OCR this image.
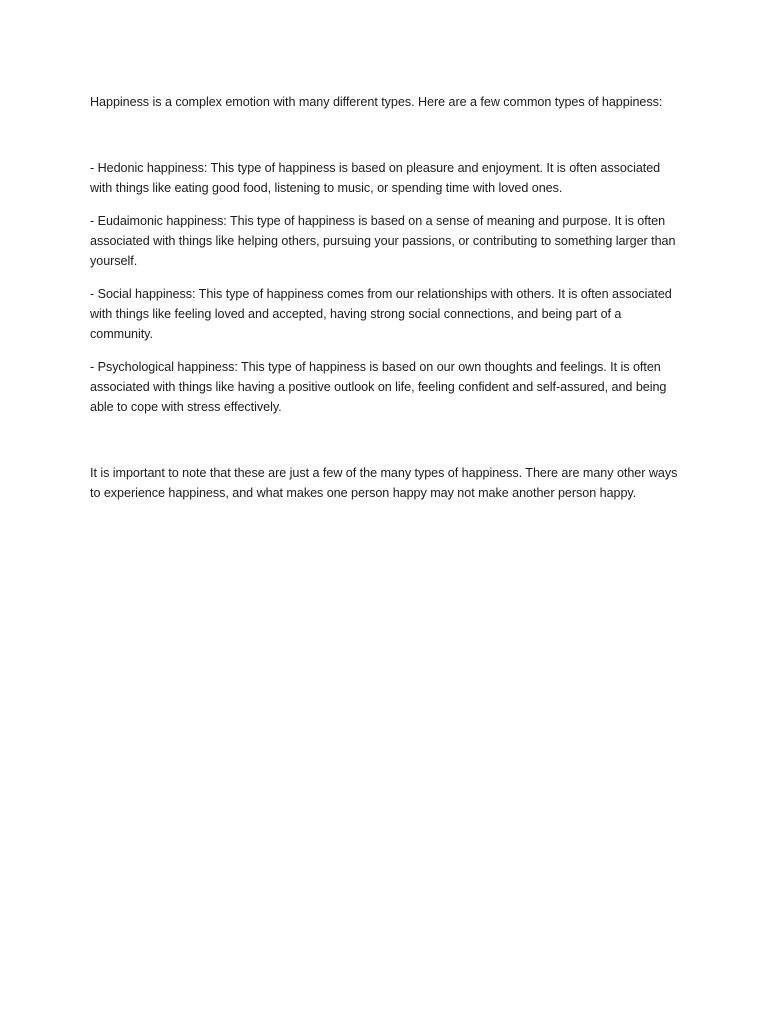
Happiness is a complex emotion with many different types. Here are a few common types of happiness:

- Hedonic happiness: This type of happiness is based on pleasure and enjoyment. It is often associated with things like eating good food, listening to music, or spending time with loved ones.

- Eudaimonic happiness: This type of happiness is based on a sense of meaning and purpose. It is often associated with things like helping others, pursuing your passions, or contributing to something larger than yourself.

- Social happiness: This type of happiness comes from our relationships with others. It is often associated with things like feeling loved and accepted, having strong social connections, and being part of a community.

- Psychological happiness: This type of happiness is based on our own thoughts and feelings. It is often associated with things like having a positive outlook on life, feeling confident and self-assured, and being able to cope with stress effectively.

It is important to note that these are just a few of the many types of happiness. There are many other ways to experience happiness, and what makes one person happy may not make another person happy.
